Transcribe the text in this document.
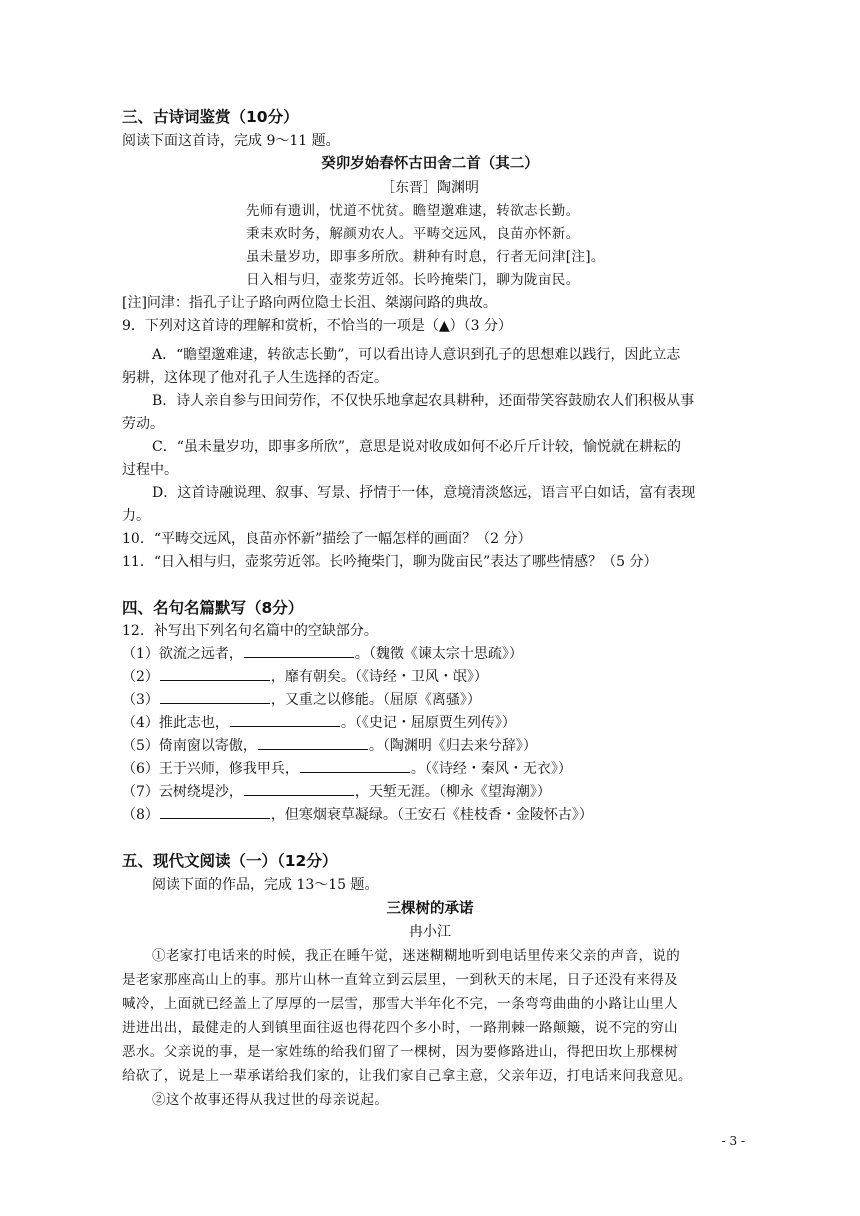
三、古诗词鉴赏（10分）
阅读下面这首诗，完成 9～11 题。
癸卯岁始春怀古田舍二首（其二）
［东晋］陶渊明
先师有遗训，忧道不忧贫。瞻望邈难逮，转欲志长勤。
秉耒欢时务，解颜劝农人。平畴交远风，良苗亦怀新。
虽未量岁功，即事多所欣。耕种有时息，行者无问津[注]。
日入相与归，壶浆劳近邻。长吟掩柴门，聊为陇亩民。
[注]问津：指孔子让子路向两位隐士长沮、桀溺问路的典故。
9．下列对这首诗的理解和赏析，不恰当的一项是（▲）（3 分）
A．“瞻望邈难逮，转欲志长勤”，可以看出诗人意识到孔子的思想难以践行，因此立志
躬耕，这体现了他对孔子人生选择的否定。
B．诗人亲自参与田间劳作，不仅快乐地拿起农具耕种，还面带笑容鼓励农人们积极从事
劳动。
C．“虽未量岁功，即事多所欣”，意思是说对收成如何不必斤斤计较，愉悦就在耕耘的
过程中。
D．这首诗融说理、叙事、写景、抒情于一体，意境清淡悠远，语言平白如话，富有表现
力。
10．“平畴交远风，良苗亦怀新”描绘了一幅怎样的画面？（2 分）
11．“日入相与归，壶浆劳近邻。长吟掩柴门，聊为陇亩民”表达了哪些情感？（5 分）
四、名句名篇默写（8分）
12．补写出下列名句名篇中的空缺部分。
（1）欲流之远者，	。（魏徵《谏太宗十思疏》）
（2）	，靡有朝矣。（《诗经・卫风・氓》）
（3）	，又重之以修能。（屈原《离骚》）
（4）推此志也，	。（《史记・屈原贾生列传》）
（5）倚南窗以寄傲，	。（陶渊明《归去来兮辞》）
（6）王于兴师，修我甲兵，	。（《诗经・秦风・无衣》）
（7）云树绕堤沙，	，天堑无涯。（柳永《望海潮》）
（8）	，但寒烟衰草凝绿。（王安石《桂枝香・金陵怀古》）
五、现代文阅读（一）（12分）
阅读下面的作品，完成 13～15 题。
三棵树的承诺
冉小江
①老家打电话来的时候，我正在睡午觉，迷迷糊糊地听到电话里传来父亲的声音，说的
是老家那座高山上的事。那片山林一直耸立到云层里，一到秋天的末尾，日子还没有来得及
喊冷，上面就已经盖上了厚厚的一层雪，那雪大半年化不完，一条弯弯曲曲的小路让山里人
进进出出，最健走的人到镇里面往返也得花四个多小时，一路荆棘一路颠簸，说不完的穷山
恶水。父亲说的事，是一家姓练的给我们留了一棵树，因为要修路进山，得把田坎上那棵树
给砍了，说是上一辈承诺给我们家的，让我们家自己拿主意，父亲年迈，打电话来问我意见。
②这个故事还得从我过世的母亲说起。
- 3 -
